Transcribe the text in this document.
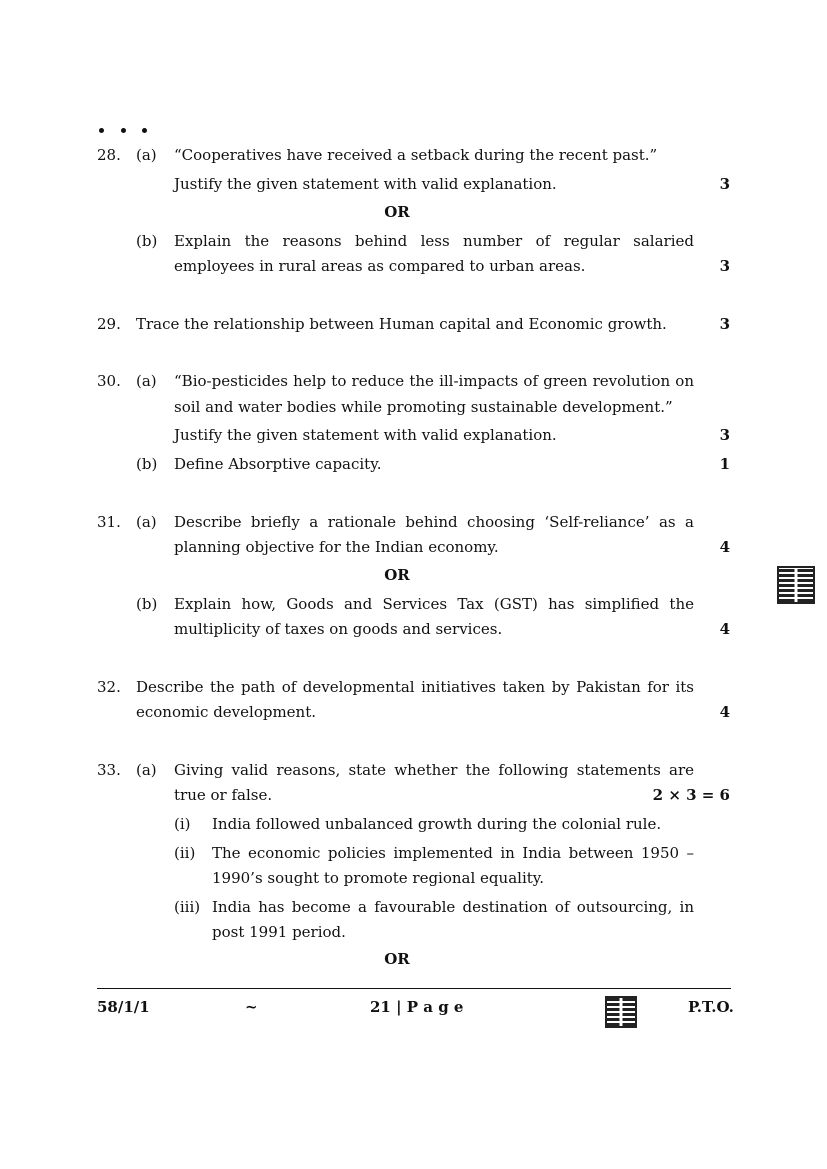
28. (a) “Cooperatives have received a setback during the recent past.”
Justify the given statement with valid explanation.	3
OR
(b) Explain the reasons behind less number of regular salaried
employees in rural areas as compared to urban areas.	3
29. Trace the relationship between Human capital and Economic growth.	3
30. (a) “Bio-pesticides help to reduce the ill-impacts of green revolution on
soil and water bodies while promoting sustainable development.”
Justify the given statement with valid explanation.	3
(b) Define Absorptive capacity.	1
31. (a) Describe briefly a rationale behind choosing ‘Self-reliance’ as a
planning objective for the Indian economy.	4
OR
(b) Explain how, Goods and Services Tax (GST) has simplified the
multiplicity of taxes on goods and services.	4
32. Describe the path of developmental initiatives taken by Pakistan for its
economic development.	4
33. (a) Giving valid reasons, state whether the following statements are
true or false.	2 × 3 = 6
(i) India followed unbalanced growth during the colonial rule.
(ii) The economic policies implemented in India between 1950 –
1990’s sought to promote regional equality.
(iii) India has become a favourable destination of outsourcing, in
post 1991 period.
OR
58/1/1	~	21 | P a g e	P.T.O.
